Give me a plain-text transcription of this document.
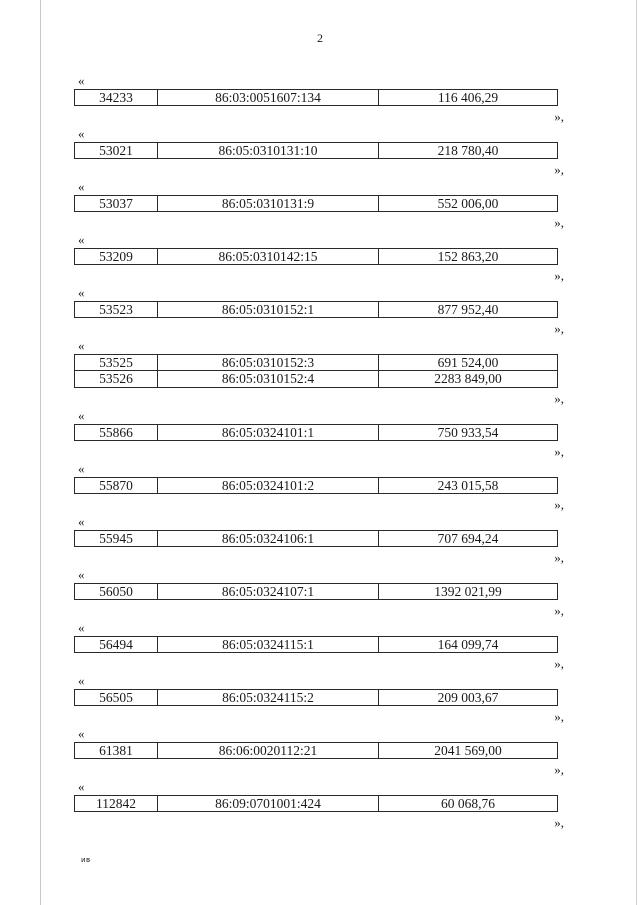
2
«
34233	86:03:0051607:134	116 406,29
»,
«
53021	86:05:0310131:10	218 780,40
»,
«
53037	86:05:0310131:9	552 006,00
»,
«
53209	86:05:0310142:15	152 863,20
»,
«
53523	86:05:0310152:1	877 952,40
»,
«
53525	86:05:0310152:3	691 524,00
53526	86:05:0310152:4	2283 849,00
»,
«
55866	86:05:0324101:1	750 933,54
»,
«
55870	86:05:0324101:2	243 015,58
»,
«
55945	86:05:0324106:1	707 694,24
»,
«
56050	86:05:0324107:1	1392 021,99
»,
«
56494	86:05:0324115:1	164 099,74
»,
«
56505	86:05:0324115:2	209 003,67
»,
«
61381	86:06:0020112:21	2041 569,00
»,
«
112842	86:09:0701001:424	60 068,76
»,
ив
